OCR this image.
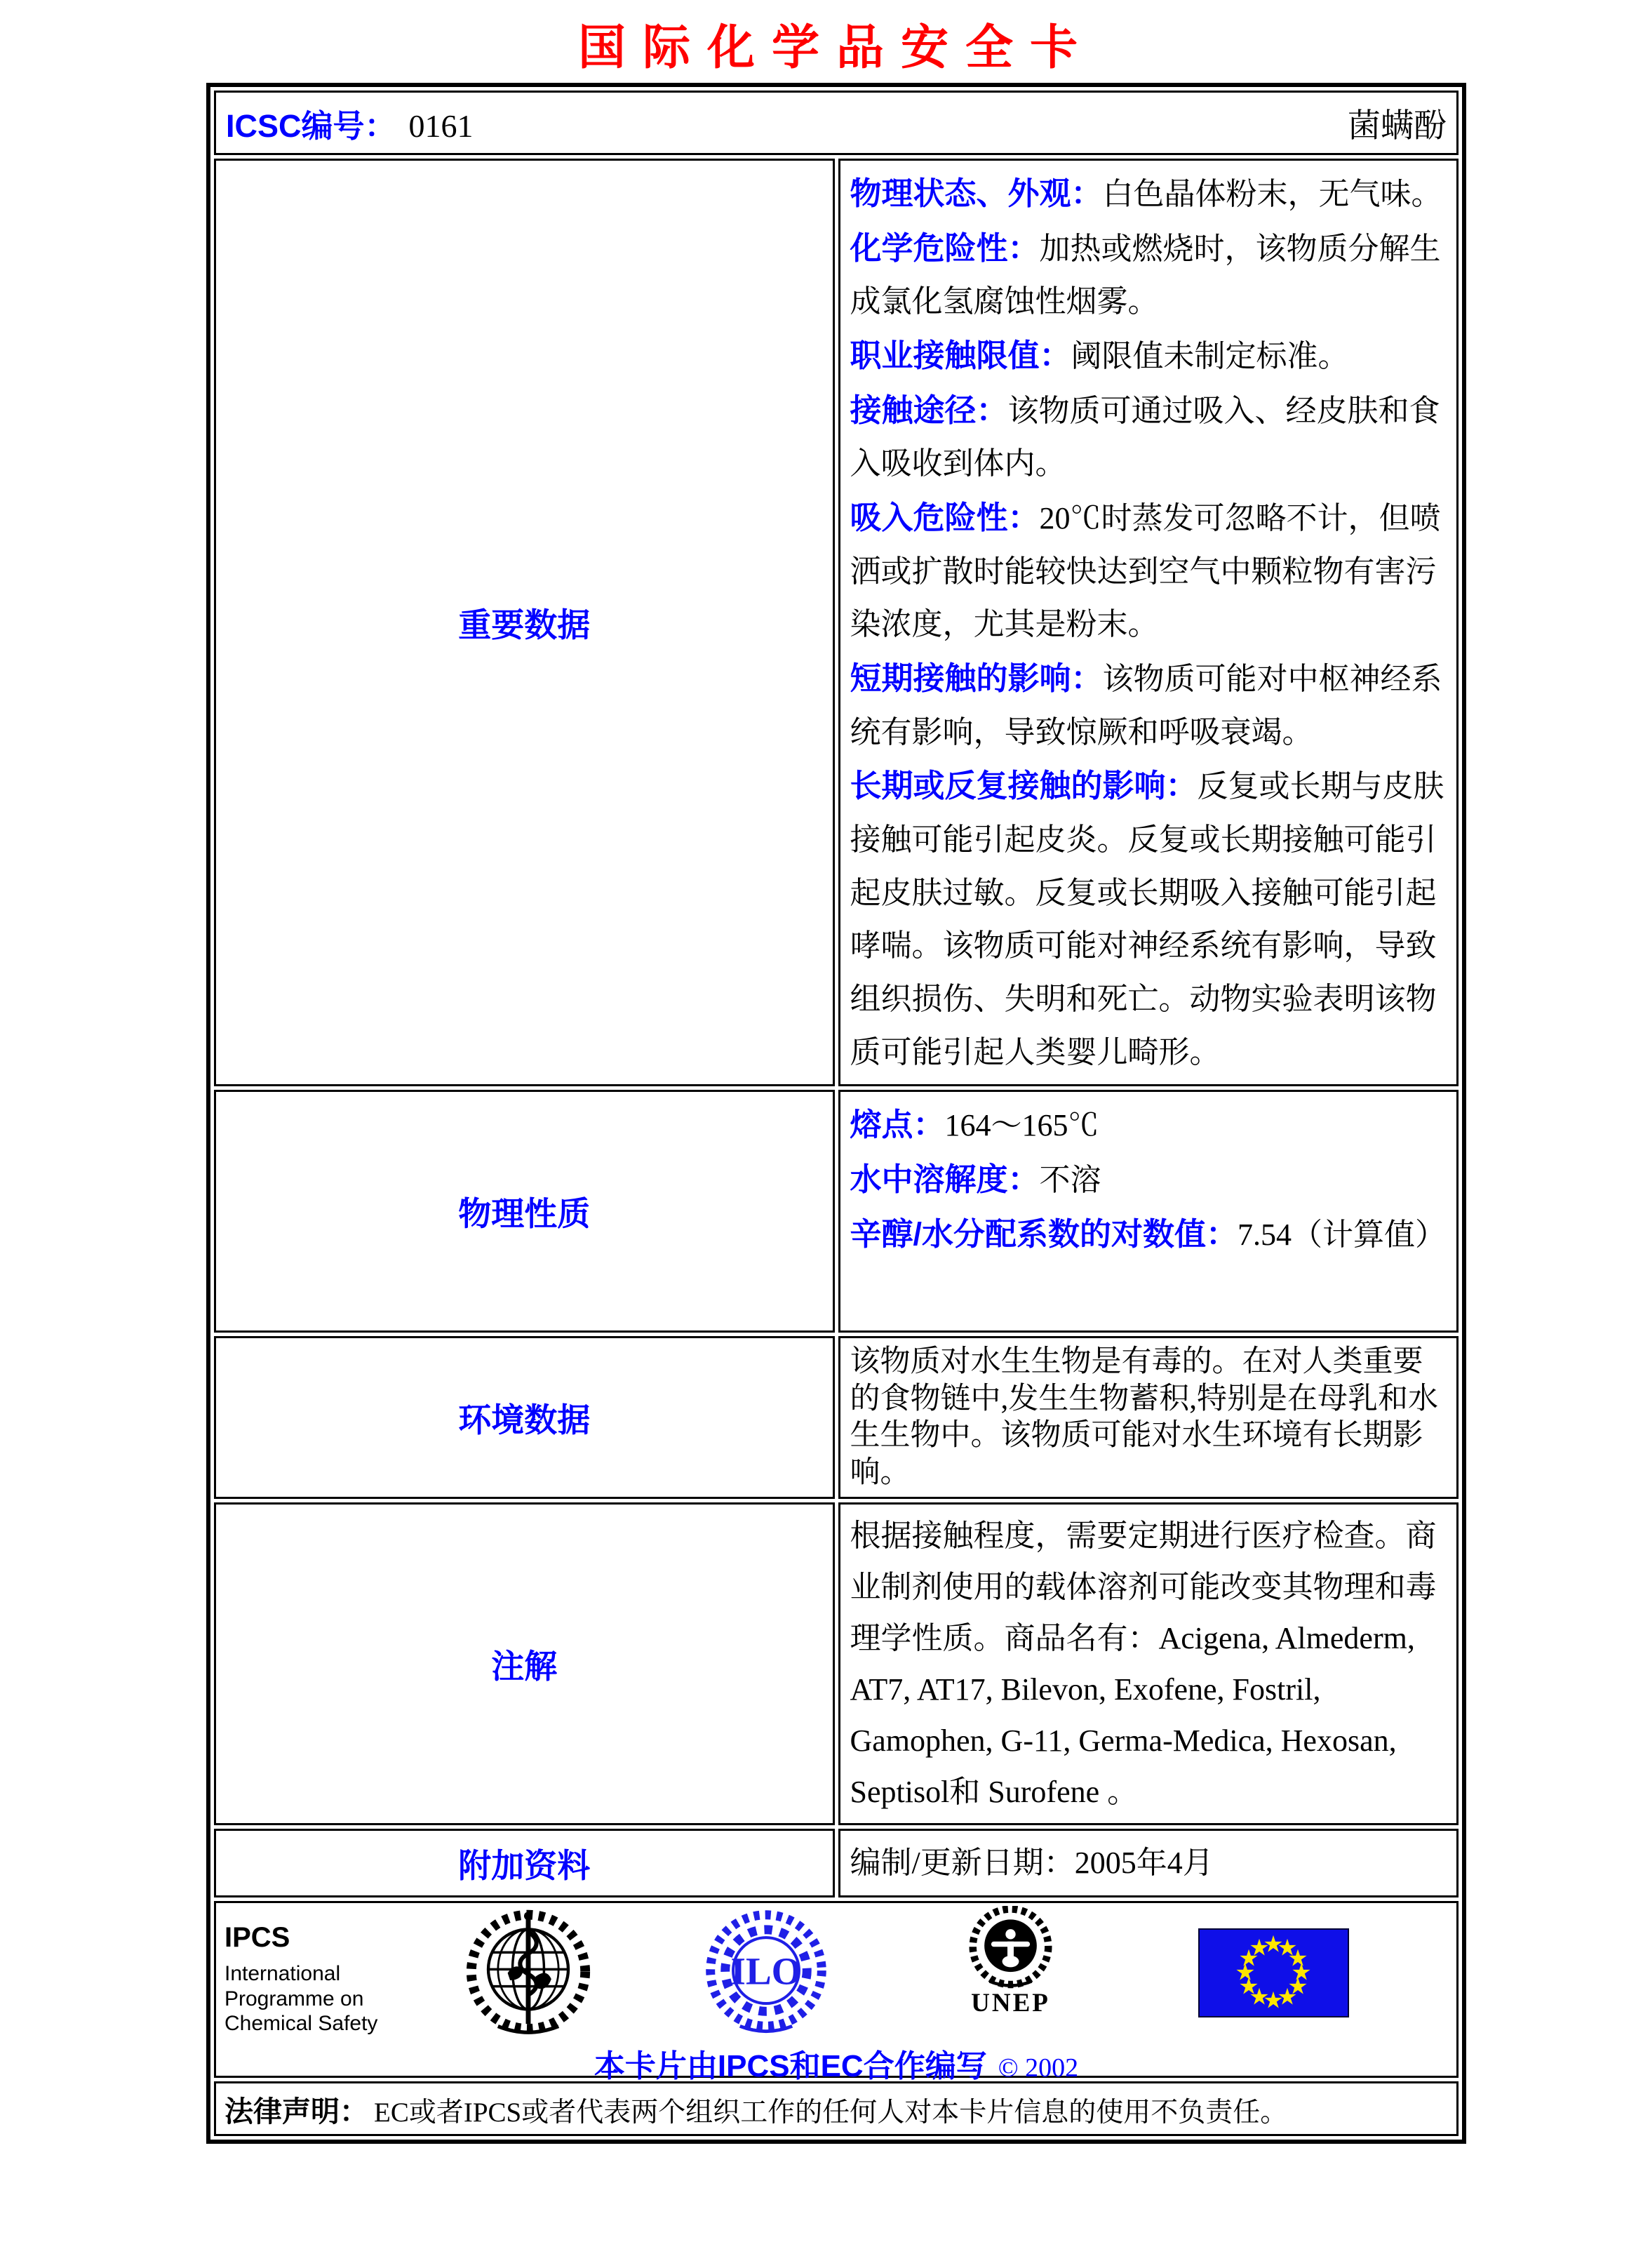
国际化学品安全卡
ICSC编号： 0161 菌螨酚	

重要数据	
物理状态、外观：白色晶体粉末，无气味。
化学危险性：加热或燃烧时，该物质分解生成氯化氢腐蚀性烟雾。
职业接触限值：阈限值未制定标准。
接触途径：该物质可通过吸入、经皮肤和食入吸收到体内。
吸入危险性：20℃时蒸发可忽略不计，但喷洒或扩散时能较快达到空气中颗粒物有害污染浓度，尤其是粉末。
短期接触的影响：该物质可能对中枢神经系统有影响，导致惊厥和呼吸衰竭。
长期或反复接触的影响：反复或长期与皮肤接触可能引起皮炎。反复或长期接触可能引起皮肤过敏。反复或长期吸入接触可能引起哮喘。该物质可能对神经系统有影响，导致组织损伤、失明和死亡。动物实验表明该物质可能引起人类婴儿畸形。

物理性质	熔点：164～165℃
水中溶解度：不溶
辛醇/水分配系数的对数值：7.54（计算值）

环境数据	该物质对水生生物是有毒的。在对人类重要的食物链中,发生生物蓄积,特别是在母乳和水生生物中。该物质可能对水生环境有长期影响。
注解	根据接触程度，需要定期进行医疗检查。商业制剂使用的载体溶剂可能改变其物理和毒理学性质。商品名有：Acigena, Almederm, AT7, AT17, Bilevon, Exofene, Fostril, Gamophen, G-11, Germa-Medica, Hexosan, Septisol和 Surofene 。
附加资料	编制/更新日期：2005年4月

IPCS
International
Programme on
Chemical Safety
ILO
UNEP
本卡片由IPCS和EC合作编写 © 2002

法律声明： EC或者IPCS或者代表两个组织工作的任何人对本卡片信息的使用不负责任。	
